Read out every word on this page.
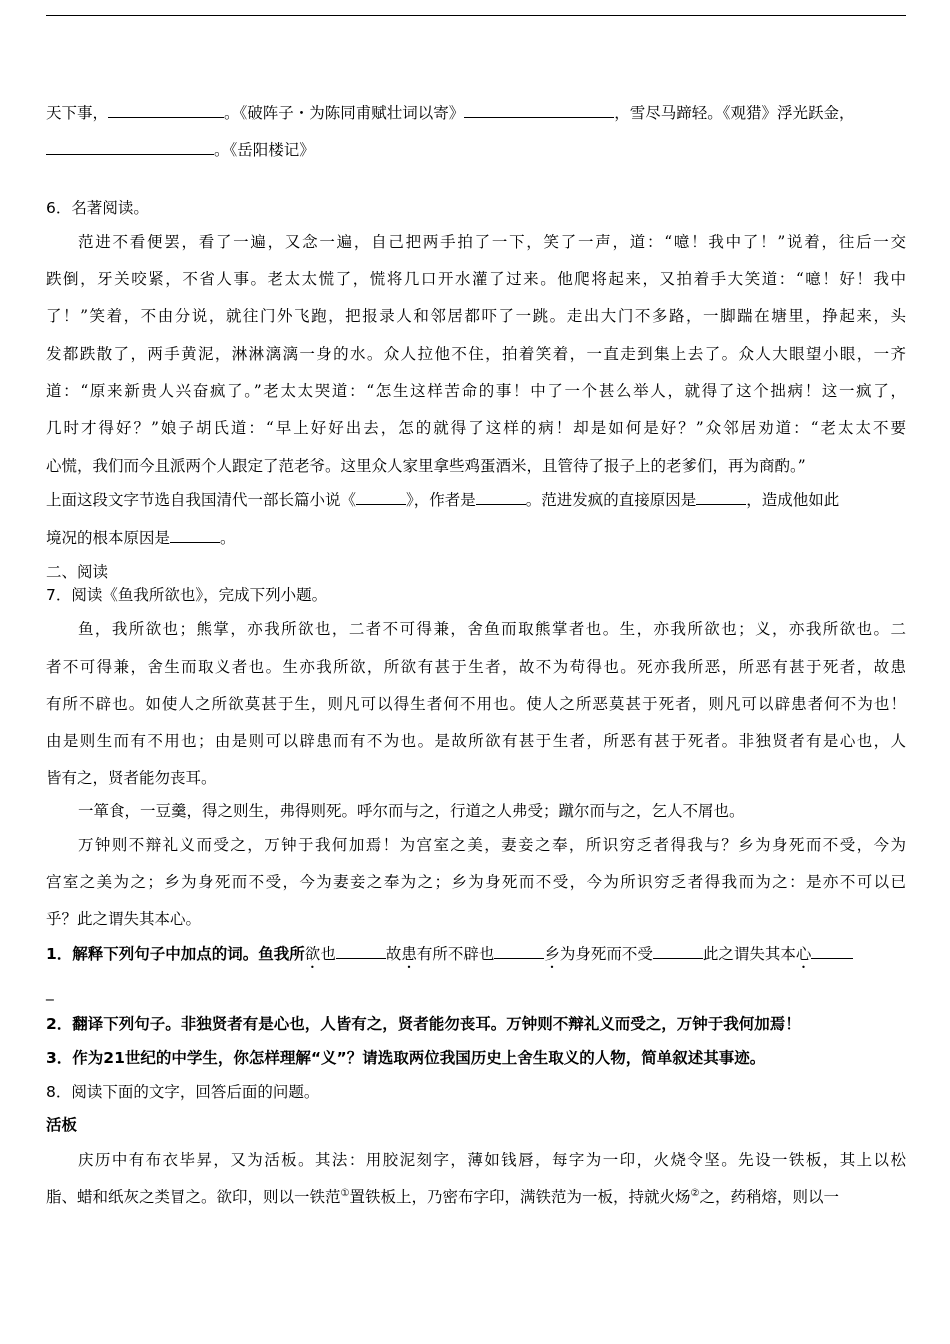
天下事，	。《破阵子・为陈同甫赋壮词以寄》	，雪尽马蹄轻。《观猎》浮光跃金，
。《岳阳楼记》
6．名著阅读。
范进不看便罢，看了一遍，又念一遍，自己把两手拍了一下，笑了一声，道：“噫！我中了！”说着，往后一交
跌倒，牙关咬紧，不省人事。老太太慌了，慌将几口开水灌了过来。他爬将起来，又拍着手大笑道：“噫！好！我中
了！”笑着，不由分说，就往门外飞跑，把报录人和邻居都吓了一跳。走出大门不多路，一脚踹在塘里，挣起来，头
发都跌散了，两手黄泥，淋淋漓漓一身的水。众人拉他不住，拍着笑着，一直走到集上去了。众人大眼望小眼，一齐
道：“原来新贵人兴奋疯了。”老太太哭道：“怎生这样苦命的事！中了一个甚么举人，就得了这个拙病！这一疯了，
几时才得好？”娘子胡氏道：“早上好好出去，怎的就得了这样的病！却是如何是好？”众邻居劝道：“老太太不要
心慌，我们而今且派两个人跟定了范老爷。这里众人家里拿些鸡蛋酒米，且管待了报子上的老爹们，再为商酌。”
上面这段文字节选自我国清代一部长篇小说《	》，作者是	。范进发疯的直接原因是	，造成他如此
境况的根本原因是	。
二、阅读
7．阅读《鱼我所欲也》，完成下列小题。
鱼，我所欲也；熊掌，亦我所欲也，二者不可得兼，舍鱼而取熊掌者也。生，亦我所欲也；义，亦我所欲也。二
者不可得兼，舍生而取义者也。生亦我所欲，所欲有甚于生者，故不为苟得也。死亦我所恶，所恶有甚于死者，故患
有所不辟也。如使人之所欲莫甚于生，则凡可以得生者何不用也。使人之所恶莫甚于死者，则凡可以辟患者何不为也！
由是则生而有不用也；由是则可以辟患而有不为也。是故所欲有甚于生者，所恶有甚于死者。非独贤者有是心也，人
皆有之，贤者能勿丧耳。
一箪食，一豆羹，得之则生，弗得则死。呼尔而与之，行道之人弗受；蹴尔而与之，乞人不屑也。
万钟则不辩礼义而受之，万钟于我何加焉！为宫室之美，妻妾之奉，所识穷乏者得我与？乡为身死而不受，今为
宫室之美为之；乡为身死而不受，今为妻妾之奉为之；乡为身死而不受，今为所识穷乏者得我而为之：是亦不可以已
乎？此之谓失其本心。
1．解释下列句子中加点的词。鱼我所欲也	故患有所不辟也	乡为身死而不受	此之谓失其本心
_
2．翻译下列句子。非独贤者有是心也，人皆有之，贤者能勿丧耳。万钟则不辩礼义而受之，万钟于我何加焉！
3．作为21世纪的中学生，你怎样理解“义”？请选取两位我国历史上舍生取义的人物，简单叙述其事迹。
8．阅读下面的文字，回答后面的问题。
活板
庆历中有布衣毕昇，又为活板。其法：用胶泥刻字，薄如钱唇，每字为一印，火烧令坚。先设一铁板，其上以松
脂、蜡和纸灰之类冒之。欲印，则以一铁范①置铁板上，乃密布字印，满铁范为一板，持就火炀②之，药稍熔，则以一
